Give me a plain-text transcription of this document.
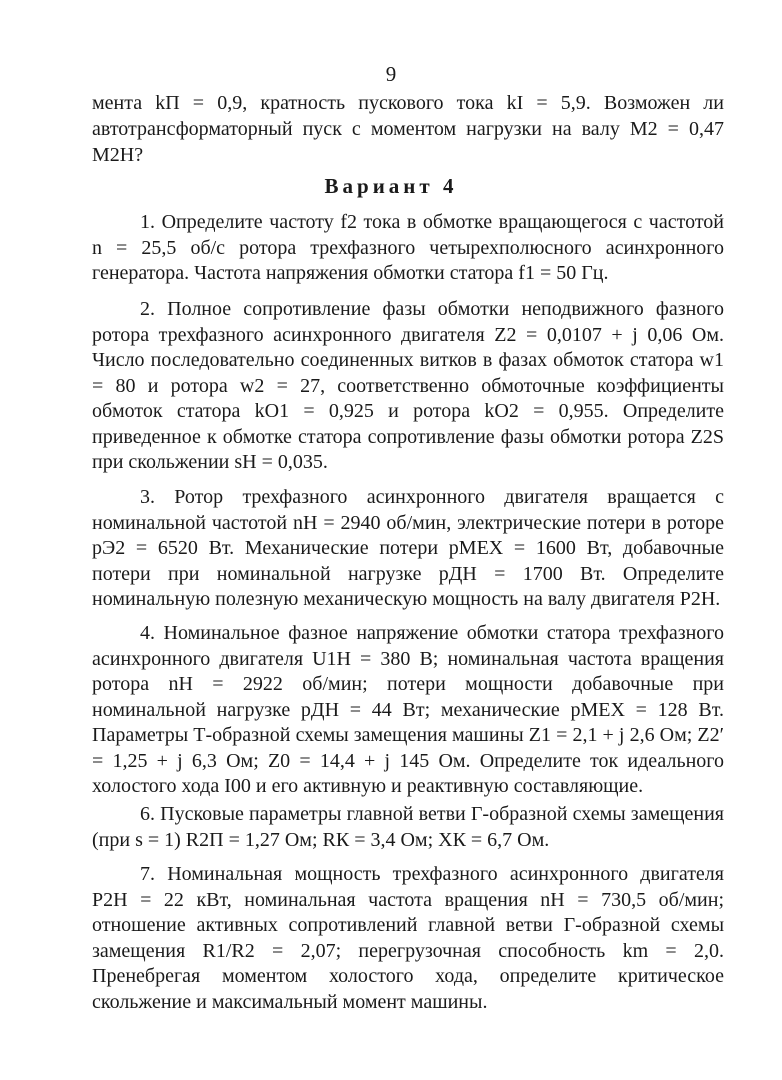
9
мента kП = 0,9, кратность пускового тока kI = 5,9. Возможен ли автотрансформаторный пуск с моментом нагрузки на валу M2 = 0,47 M2Н?
Вариант 4
1. Определите частоту f2 тока в обмотке вращающегося с частотой n = 25,5 об/с ротора трехфазного четырехполюсного асинхронного генератора. Частота напряжения обмотки статора f1 = 50 Гц.
2. Полное сопротивление фазы обмотки неподвижного фазного ротора трехфазного асинхронного двигателя Z2 = 0,0107 + j 0,06 Ом. Число последовательно соединенных витков в фазах обмоток статора w1 = 80 и ротора w2 = 27, соответственно обмоточные коэффициенты обмоток статора kО1 = 0,925 и ротора kО2 = 0,955. Определите приведенное к обмотке статора сопротивление фазы обмотки ротора Z2S при скольжении sН = 0,035.
3. Ротор трехфазного асинхронного двигателя вращается с номинальной частотой nН = 2940 об/мин, электрические потери в роторе pЭ2 = 6520 Вт. Механические потери pМЕХ = 1600 Вт, добавочные потери при номинальной нагрузке pДН = 1700 Вт. Определите номинальную полезную механическую мощность на валу двигателя P2Н.
4. Номинальное фазное напряжение обмотки статора трехфазного асинхронного двигателя U1Н = 380 В; номинальная частота вращения ротора nН = 2922 об/мин; потери мощности добавочные при номинальной нагрузке pДН = 44 Вт; механические pМЕХ = 128 Вт. Параметры Т-образной схемы замещения машины Z1 = 2,1 + j 2,6 Ом; Z2′ = 1,25 + j 6,3 Ом; Z0 = 14,4 + j 145 Ом. Определите ток идеального холостого хода I00 и его активную и реактивную составляющие.
6. Пусковые параметры главной ветви Г-образной схемы замещения (при s = 1) R2П = 1,27 Ом; RК = 3,4 Ом; XК = 6,7 Ом.
7. Номинальная мощность трехфазного асинхронного двигателя P2Н = 22 кВт, номинальная частота вращения nН = 730,5 об/мин; отношение активных сопротивлений главной ветви Г-образной схемы замещения R1/R2 = 2,07; перегрузочная способность km = 2,0. Пренебрегая моментом холостого хода, определите критическое скольжение и максимальный момент машины.
